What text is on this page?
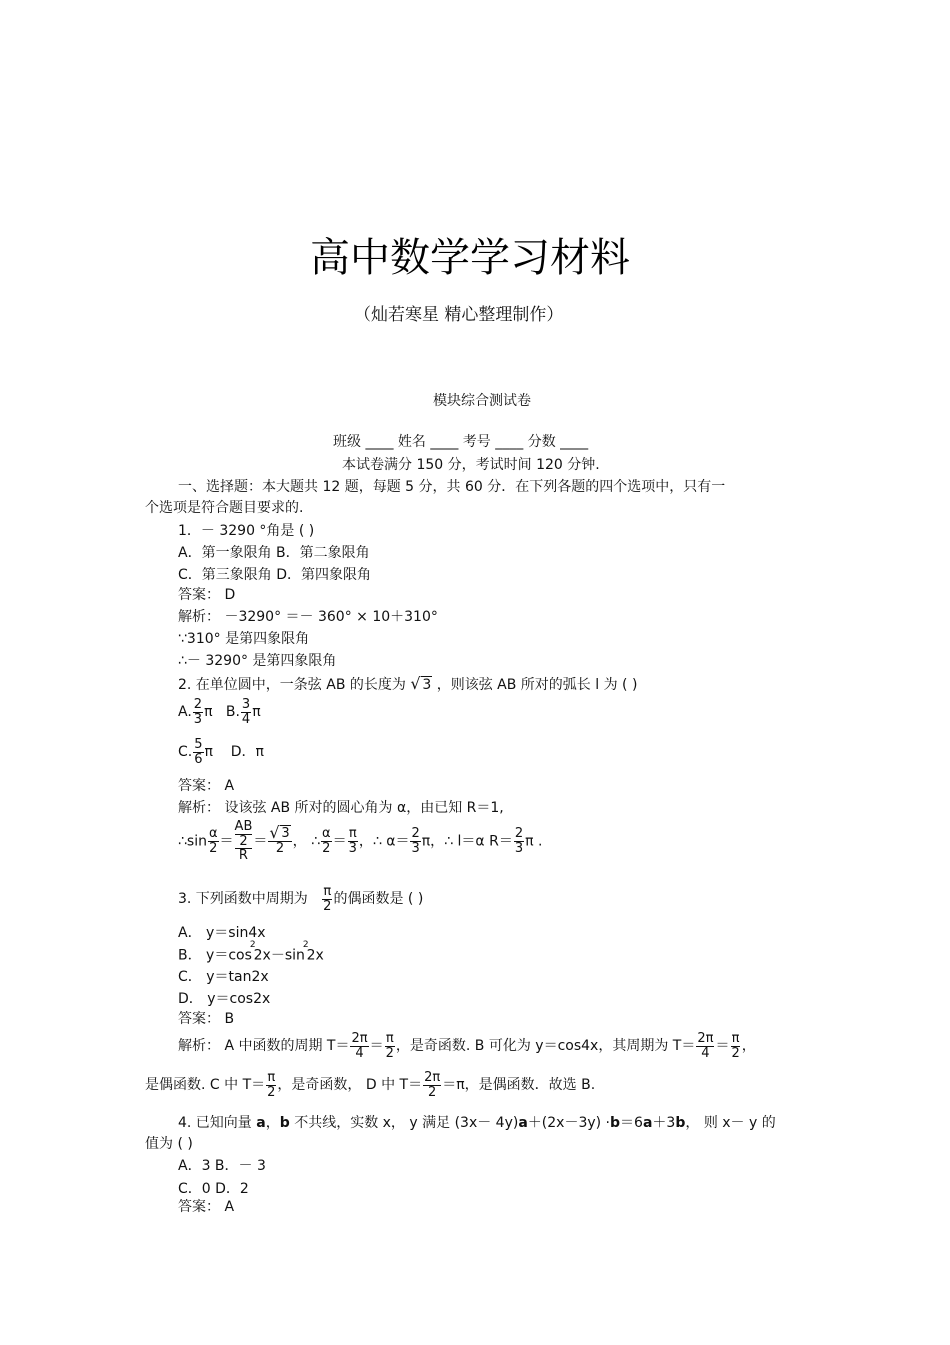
高中数学学习材料
（灿若寒星 精心整理制作）
模块综合测试卷
班级 ____ 姓名 ____ 考号 ____ 分数 ____
本试卷满分 150 分，考试时间 120 分钟.
一、选择题：本大题共 12 题，每题 5 分，共 60 分．在下列各题的四个选项中，只有一
个选项是符合题目要求的.
1．－ 3290 °角是 ( )
A．第一象限角 B．第二象限角
C．第三象限角 D．第四象限角
答案： D
解析： －3290° ＝－ 360° × 10＋310°
∵310° 是第四象限角
∴－ 3290° 是第四象限角
2. 在单位圆中，一条弦 AB 的长度为 √ 3 ，则该弦 AB 所对的弧长 l 为 ( )
A. $\frac{2}{3}$ π B. $\frac{3}{4}$ π
C. $\frac{5}{6}$ π D．π
答案： A
解析： 设该弦 AB 所对的圆心角为 α，由已知 R＝1,
∴sin $\frac{\alpha}{2}$ ＝ AB
2
R ＝ √ $\frac{3}{2}$ ， ∴ $\frac{\alpha}{2} = \frac{\pi}{3}$ ，∴ $\alpha= \frac{2}{3}$ π，∴ l＝α $R= \frac{2}{3}$ π .
3. 下列函数中周期为 $\frac{\pi}{2}$ 的偶函数是 ( )
A． y＝sin4x
B． $y=\cos^22x-\sin^22x$
C． y＝tan2x
D． y＝cos2x
答案： B
解析： A 中函数的周期 $T= \frac{2\pi}{4} = \frac{\pi}{2}$ ，是奇函数. B 可化为 y＝cos4x，其周期为 $T= \frac{2\pi}{4} = \frac{\pi}{2}$ ，
是偶函数. C 中 $T= \frac{\pi}{2}$ ，是奇函数， D 中 $T= \frac{2\pi}{2} =\pi$，是偶函数．故选 B.
4. 已知向量 a，b 不共线，实数 x， y 满足 (3x－ 4y)a＋(2x－3y) ·b＝6a＋3b， 则 x－ y 的
值为 ( )
A．3 B．－ 3
C．0 D．2
答案： A
